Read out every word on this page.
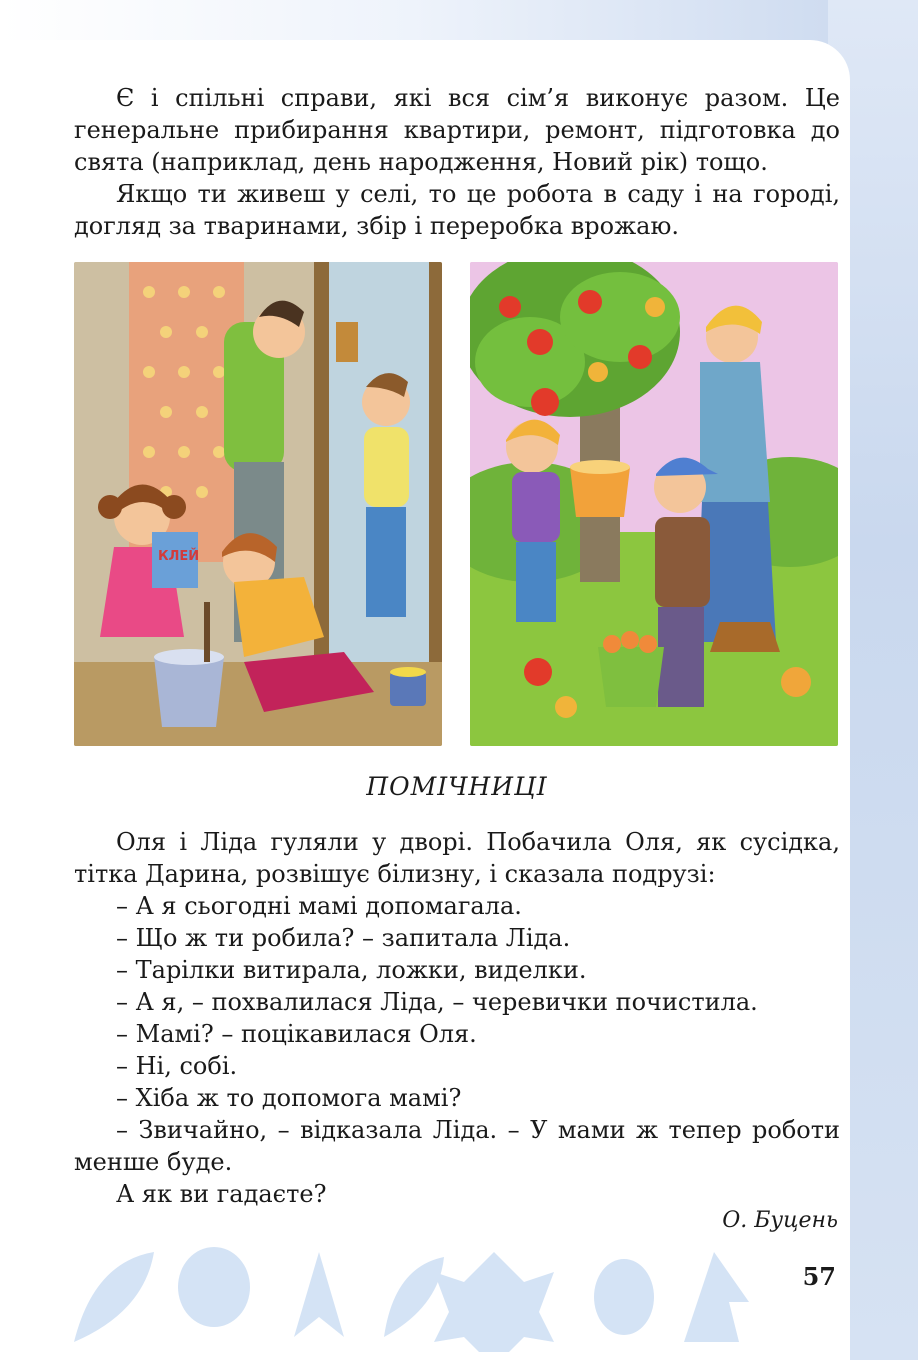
Є і спільні справи, які вся сім’я виконує разом. Це генеральне прибирання квартири, ремонт, підготовка до свята (наприклад, день народження, Новий рік) тощо.

Якщо ти живеш у селі, то це робота в саду і на городі, догляд за тваринами, збір і переробка врожаю.

КЛЕЙ
ПОМІЧНИЦІ

Оля і Ліда гуляли у дворі. Побачила Оля, як сусідка, тітка Дарина, розвішує білизну, і сказала подрузі:

– А я сьогодні мамі допомагала.

– Що ж ти робила? – запитала Ліда.

– Тарілки витирала, ложки, виделки.

– А я, – похвалилася Ліда, – черевички почистила.

– Мамі? – поцікавилася Оля.

– Ні, собі.

– Хіба ж то допомога мамі?

– Звичайно, – відказала Ліда. – У мами ж тепер роботи менше буде.

А як ви гадаєте?

О. Буцень
57
